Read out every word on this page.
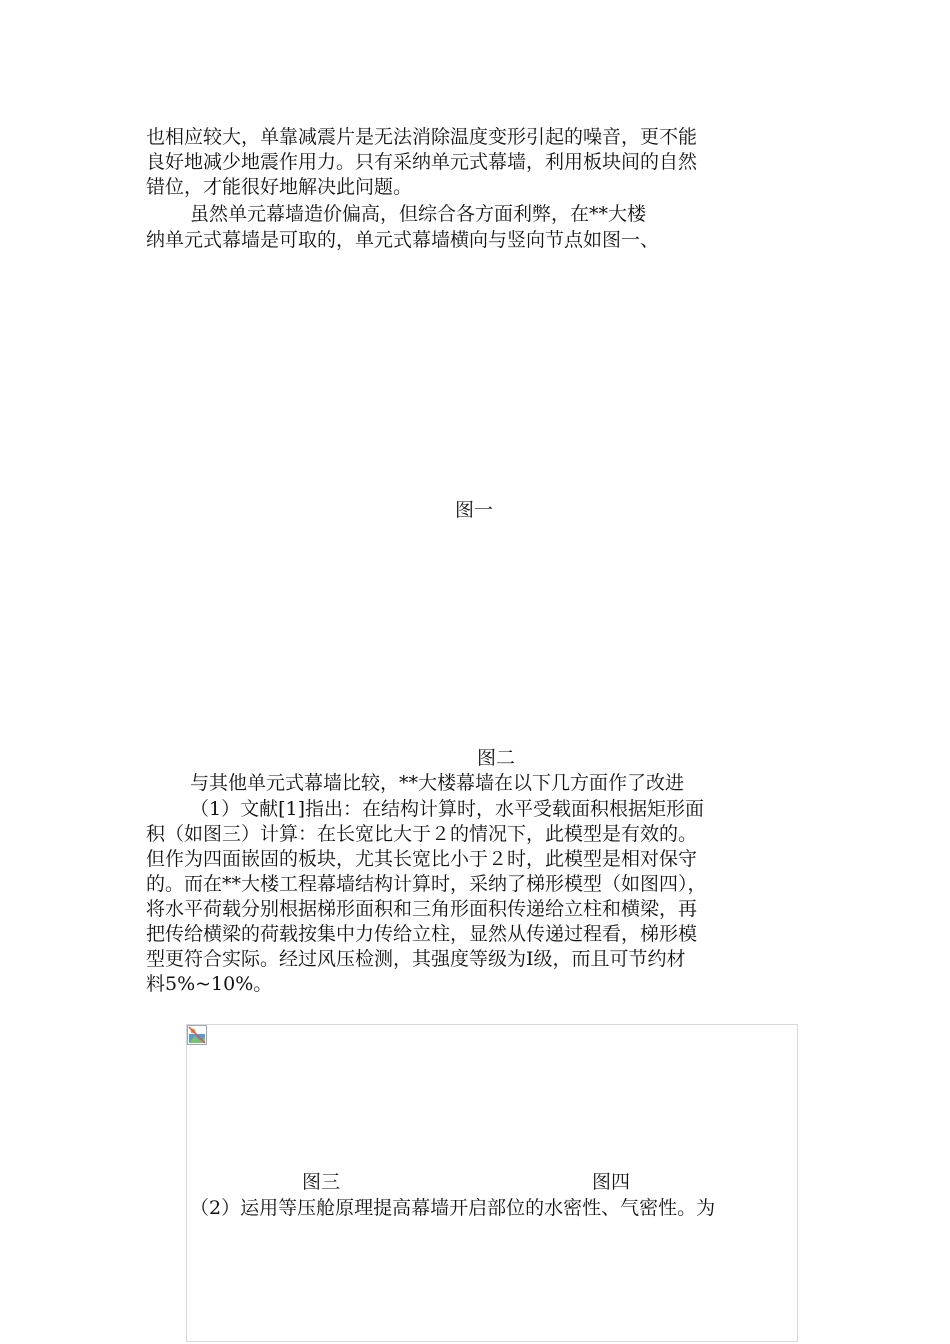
也相应较大，单靠减震片是无法消除温度变形引起的噪音，更不能
良好地减少地震作用力。只有采纳单元式幕墙，利用板块间的自然
错位，才能很好地解决此问题。
虽然单元幕墙造价偏高，但综合各方面利弊，在**大楼
纳单元式幕墙是可取的，单元式幕墙横向与竖向节点如图一、
图一
图二
与其他单元式幕墙比较，**大楼幕墙在以下几方面作了改进
（1）文献[1]指出：在结构计算时，水平受载面积根据矩形面
积（如图三）计算：在长宽比大于２的情况下，此模型是有效的。
但作为四面嵌固的板块，尤其长宽比小于２时，此模型是相对保守
的。而在**大楼工程幕墙结构计算时，采纳了梯形模型（如图四），
将水平荷载分别根据梯形面积和三角形面积传递给立柱和横梁，再
把传给横梁的荷载按集中力传给立柱，显然从传递过程看，梯形模
型更符合实际。经过风压检测，其强度等级为Ⅰ级，而且可节约材
料5%~10%。
图三	图四
（2）运用等压舱原理提高幕墙开启部位的水密性、气密性。为
